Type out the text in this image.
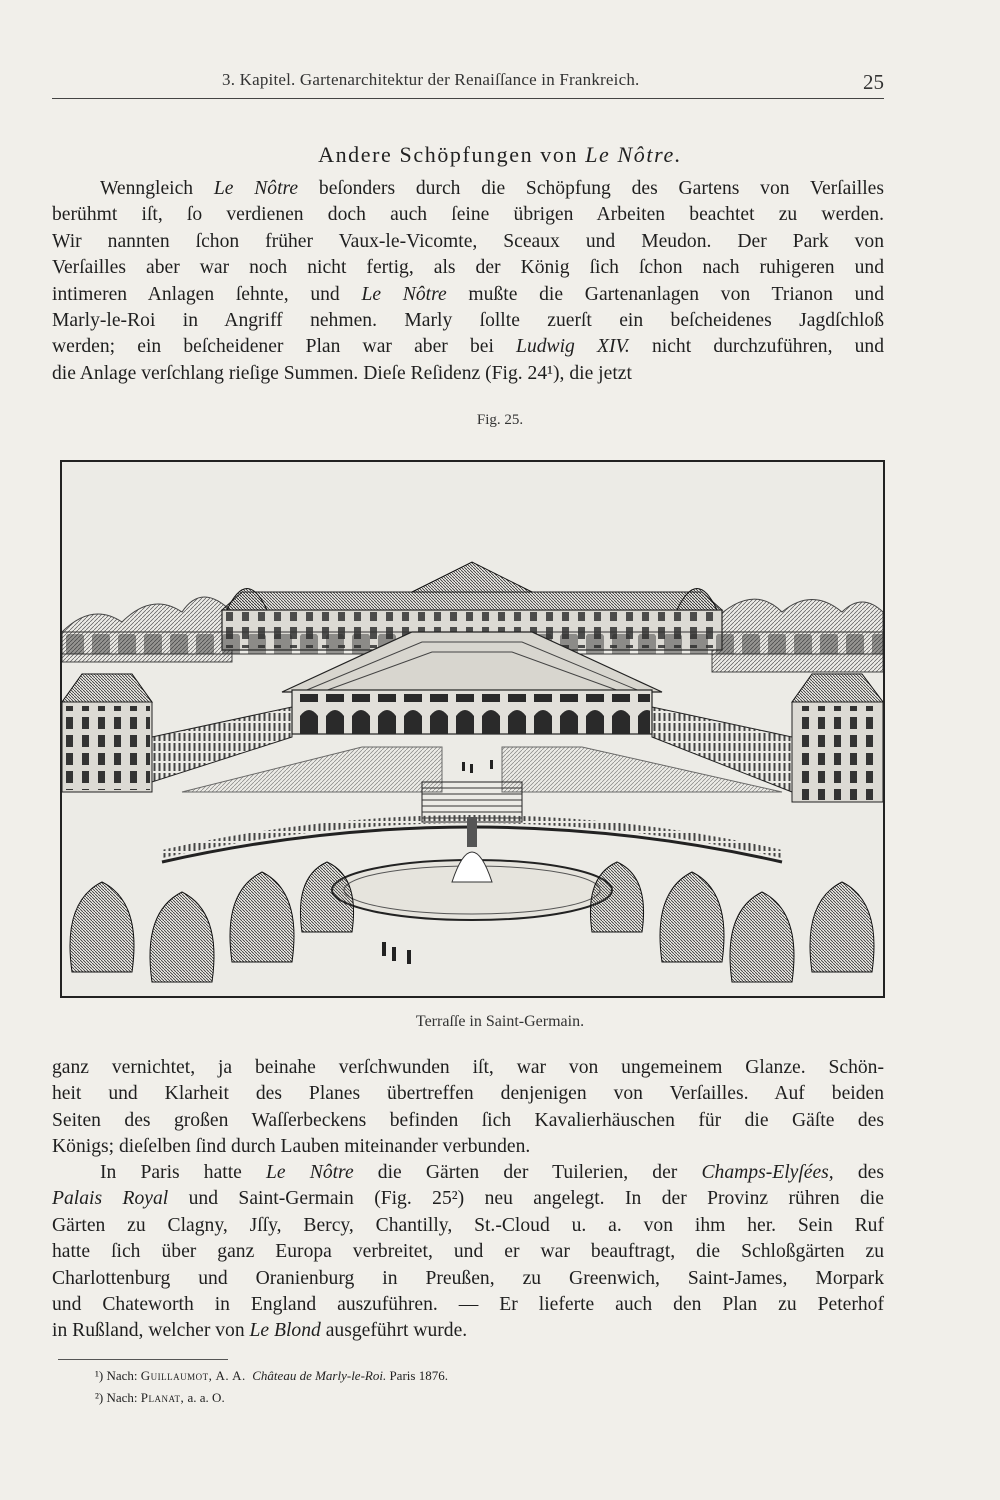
3. Kapitel. Gartenarchitektur der Renaiſſance in Frankreich.	25
Andere Schöpfungen von Le Nôtre.
Wenngleich Le Nôtre beſonders durch die Schöpfung des Gartens von Verſailles
berühmt iſt, ſo verdienen doch auch ſeine übrigen Arbeiten beachtet zu werden.
Wir nannten ſchon früher Vaux-le-Vicomte, Sceaux und Meudon. Der Park von
Verſailles aber war noch nicht fertig, als der König ſich ſchon nach ruhigeren und
intimeren Anlagen ſehnte, und Le Nôtre mußte die Gartenanlagen von Trianon und
Marly-le-Roi in Angriff nehmen. Marly ſollte zuerſt ein beſcheidenes Jagdſchloß
werden; ein beſcheidener Plan war aber bei Ludwig XIV. nicht durchzuführen, und
die Anlage verſchlang rieſige Summen. Dieſe Reſidenz (Fig. 24¹), die jetzt
Fig. 25.
Terraſſe in Saint-Germain.
ganz vernichtet, ja beinahe verſchwunden iſt, war von ungemeinem Glanze. Schön-
heit und Klarheit des Planes übertreffen denjenigen von Verſailles. Auf beiden
Seiten des großen Waſſerbeckens befinden ſich Kavalierhäuschen für die Gäſte des
Königs; dieſelben ſind durch Lauben miteinander verbunden.
In Paris hatte Le Nôtre die Gärten der Tuilerien, der Champs-Elyſées, des
Palais Royal und Saint-Germain (Fig. 25²) neu angelegt. In der Provinz rühren die
Gärten zu Clagny, Jſſy, Bercy, Chantilly, St.-Cloud u. a. von ihm her. Sein Ruf
hatte ſich über ganz Europa verbreitet, und er war beauftragt, die Schloßgärten zu
Charlottenburg und Oranienburg in Preußen, zu Greenwich, Saint-James, Morpark
und Chateworth in England auszuführen. — Er lieferte auch den Plan zu Peterhof
in Rußland, welcher von Le Blond ausgeführt wurde.
¹) Nach: Guillaumot, A. A. Château de Marly-le-Roi. Paris 1876.
²) Nach: Planat, a. a. O.
